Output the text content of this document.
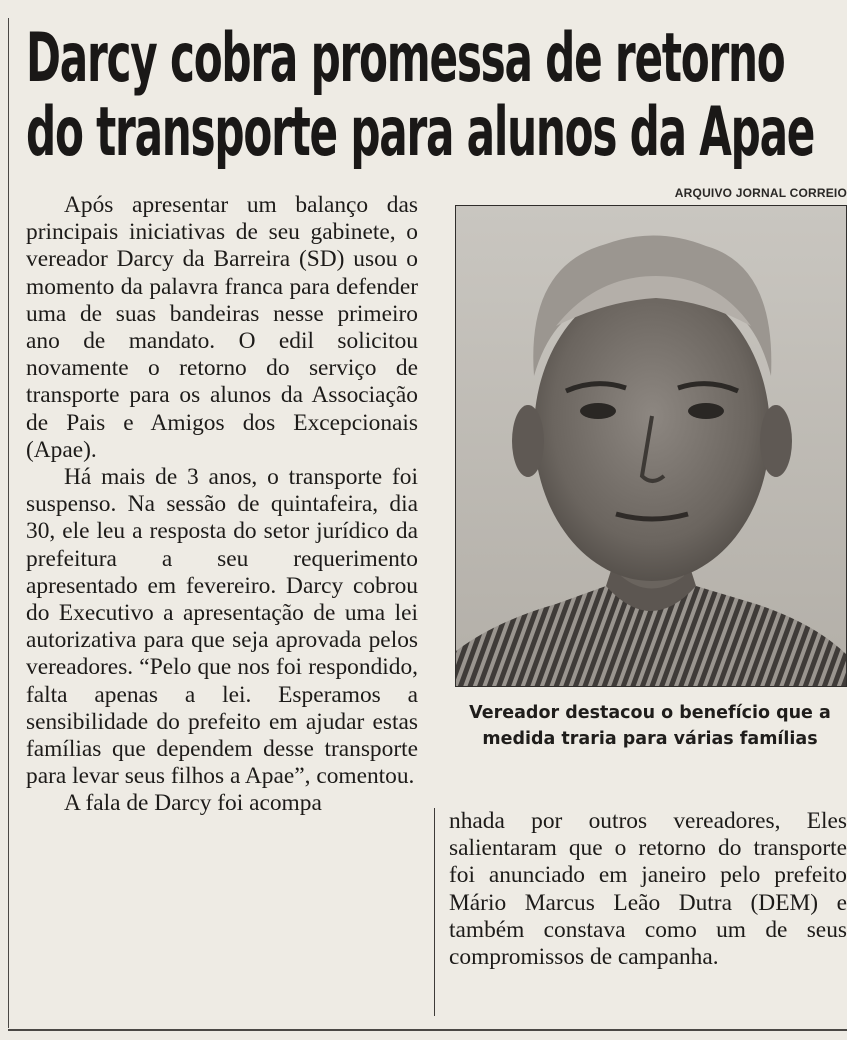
Darcy cobra promessa de retorno
do transporte para alunos da Apae
ARQUIVO JORNAL CORREIO

Após apresentar um balanço das principais iniciativas de seu gabinete, o vereador Darcy da Barreira (SD) usou o momento da palavra franca para defender uma de suas bandeiras nesse primeiro ano de mandato. O edil solicitou novamente o retorno do serviço de transporte para os alunos da Associação de Pais e Amigos dos Excepcionais (Apae).

Há mais de 3 anos, o transporte foi suspenso. Na sessão de quintafeira, dia 30, ele leu a resposta do setor jurídico da prefeitura a seu requerimento apresentado em fevereiro. Darcy cobrou do Executivo a apresentação de uma lei autorizativa para que seja aprovada pelos vereadores. “Pelo que nos foi respondido, falta apenas a lei. Esperamos a sensibilidade do prefeito em ajudar estas famílias que dependem desse transporte para levar seus filhos a Apae”, comentou.

A fala de Darcy foi acompa

Vereador destacou o benefício que a medida traria para várias famílias

nhada por outros vereadores, Eles salientaram que o retorno do transporte foi anunciado em janeiro pelo prefeito Mário Marcus Leão Dutra (DEM) e também constava como um de seus compromissos de campanha.
